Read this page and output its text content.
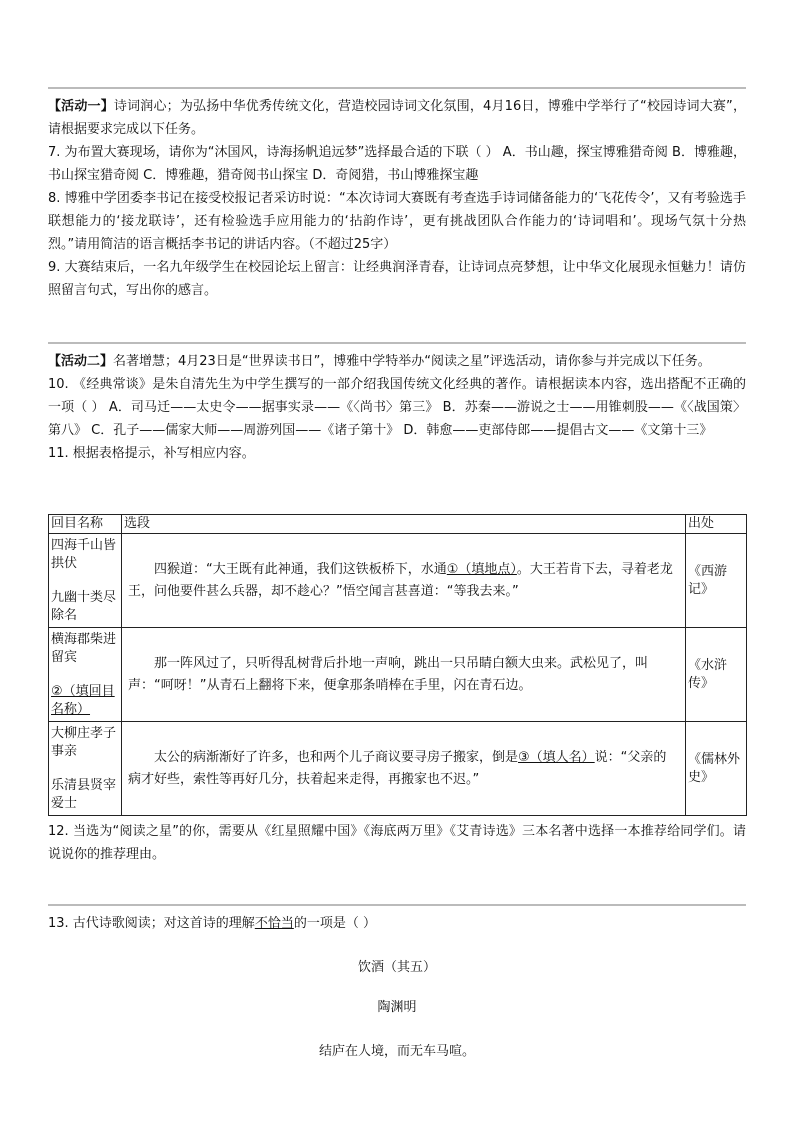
【活动一】诗词润心；为弘扬中华优秀传统文化，营造校园诗词文化氛围，4月16日，博雅中学举行了“校园诗词大赛”，请根据要求完成以下任务。

7. 为布置大赛现场，请你为“沐国风，诗海扬帆追远梦”选择最合适的下联（ ） A．书山趣，探宝博雅猎奇阅 B．博雅趣，书山探宝猎奇阅 C．博雅趣，猎奇阅书山探宝 D．奇阅猎，书山博雅探宝趣

8. 博雅中学团委李书记在接受校报记者采访时说：“本次诗词大赛既有考查选手诗词储备能力的‘飞花传令’，又有考验选手联想能力的‘接龙联诗’，还有检验选手应用能力的‘拈韵作诗’，更有挑战团队合作能力的‘诗词唱和’。现场气氛十分热烈。”请用简洁的语言概括李书记的讲话内容。（不超过25字）

9. 大赛结束后，一名九年级学生在校园论坛上留言：让经典润泽青春，让诗词点亮梦想，让中华文化展现永恒魅力！请仿照留言句式，写出你的感言。

【活动二】名著增慧；4月23日是“世界读书日”，博雅中学特举办“阅读之星”评选活动，请你参与并完成以下任务。

10. 《经典常谈》是朱自清先生为中学生撰写的一部介绍我国传统文化经典的著作。请根据读本内容，选出搭配不正确的一项（ ） A．司马迁——太史令——据事实录——《〈尚书〉第三》 B．苏秦——游说之士——用锥刺股——《〈战国策〉第八》 C．孔子——儒家大师——周游列国——《诸子第十》 D．韩愈——吏部侍郎——提倡古文——《文第十三》

11. 根据表格提示，补写相应内容。

回目名称	选段	出处

四海千山皆拱伏
九幽十类尽除名	四猴道：“大王既有此神通，我们这铁板桥下，水通①（填地点）。大王若肯下去，寻着老龙王，问他要件甚么兵器，却不趁心？”悟空闻言甚喜道：“等我去来。”	《西游记》

横海郡柴进留宾
②（填回目名称）	那一阵风过了，只听得乱树背后扑地一声响，跳出一只吊睛白额大虫来。武松见了，叫声：“呵呀！”从青石上翻将下来，便拿那条哨棒在手里，闪在青石边。	《水浒传》

大柳庄孝子事亲
乐清县贤宰爱士	太公的病渐渐好了许多，也和两个儿子商议要寻房子搬家，倒是③（填人名）说：“父亲的病才好些，索性等再好几分，扶着起来走得，再搬家也不迟。”	《儒林外史》

12. 当选为“阅读之星”的你，需要从《红星照耀中国》《海底两万里》《艾青诗选》三本名著中选择一本推荐给同学们。请说说你的推荐理由。

13. 古代诗歌阅读；对这首诗的理解不恰当的一项是（ ）

饮酒（其五）
陶渊明
结庐在人境，而无车马喧。
